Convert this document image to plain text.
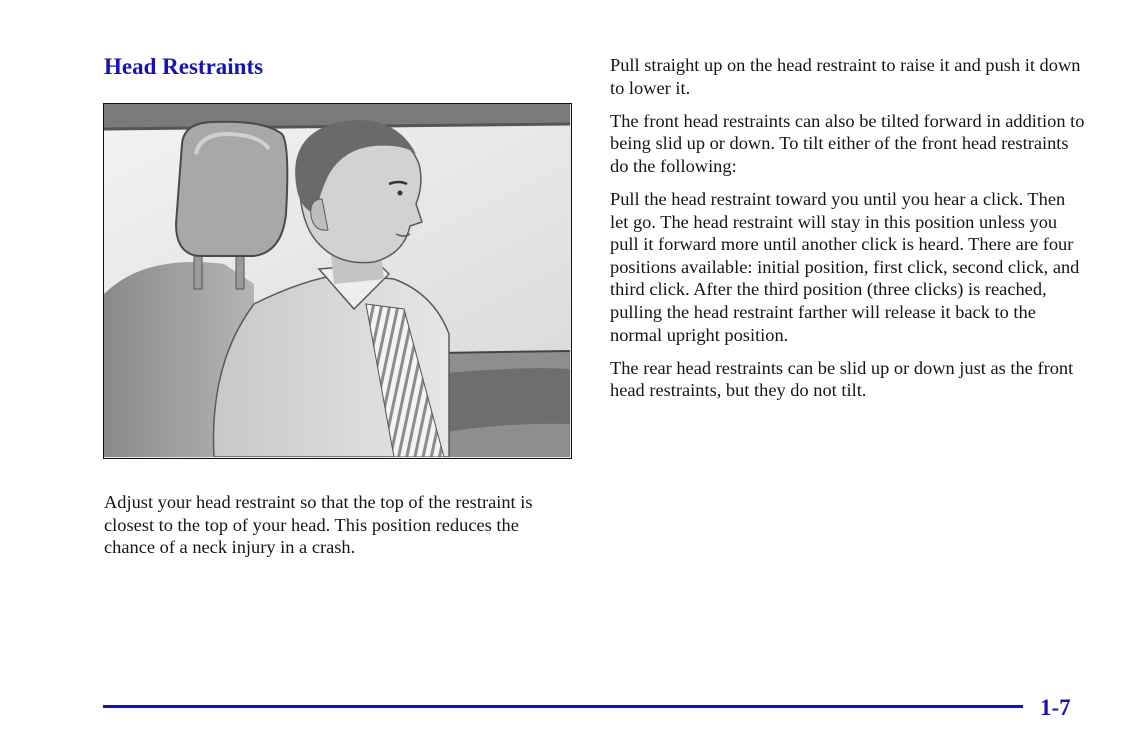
Head Restraints

Adjust your head restraint so that the top of the restraint is closest to the top of your head. This position reduces the chance of a neck injury in a crash.

Pull straight up on the head restraint to raise it and push it down to lower it.

The front head restraints can also be tilted forward in addition to being slid up or down. To tilt either of the front head restraints do the following:

Pull the head restraint toward you until you hear a click. Then let go. The head restraint will stay in this position unless you pull it forward more until another click is heard. There are four positions available: initial position, first click, second click, and third click. After the third position (three clicks) is reached, pulling the head restraint farther will release it back to the normal upright position.

The rear head restraints can be slid up or down just as the front head restraints, but they do not tilt.

1-7
